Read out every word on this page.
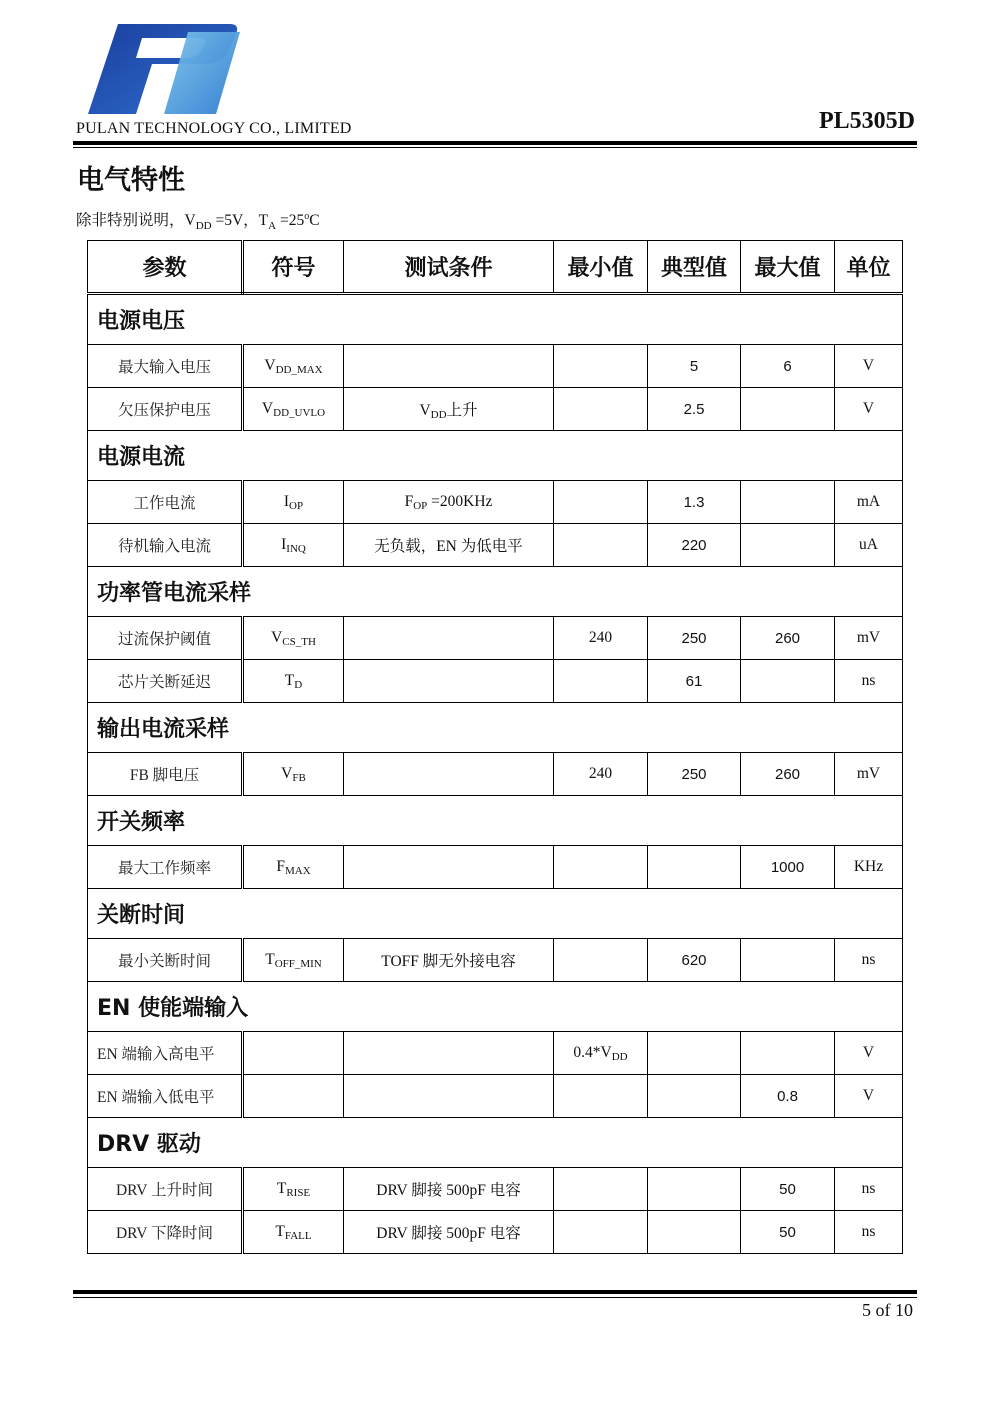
PULAN TECHNOLOGY CO., LIMITED	PL5305D
电气特性
除非特别说明，$V_{DD} =5V$，$T_A =25^oC$
参数	符号	测试条件	最小值	典型值	最大值	单位
电源电压						
最大输入电压	$V_{DD\_MAX}$			5	6	V
欠压保护电压	$V_{DD\_UVLO}$	$V_{DD}$上升		2.5		V
电源电流						
工作电流	$I_{OP}$	$F_{OP} =200KHz$		1.3		mA
待机输入电流	$I_{INQ}$	无负载，EN 为低电平		220		uA
功率管电流采样						
过流保护阈值	$V_{CS\_TH}$		240	250	260	mV
芯片关断延迟	$T_D$			61		ns
输出电流采样						
FB 脚电压	$V_{FB}$		240	250	260	mV
开关频率						
最大工作频率	$F_{MAX}$				1000	KHz
关断时间						
最小关断时间	$T_{OFF\_MIN}$	TOFF 脚无外接电容		620		ns
EN 使能端输入						
EN 端输入高电平			$0.4*V_{DD}$			V
EN 端输入低电平					0.8	V
DRV 驱动						
DRV 上升时间	$T_{RISE}$	DRV 脚接 500pF 电容			50	ns
DRV 下降时间	$T_{FALL}$	DRV 脚接 500pF 电容			50	ns
5 of 10
